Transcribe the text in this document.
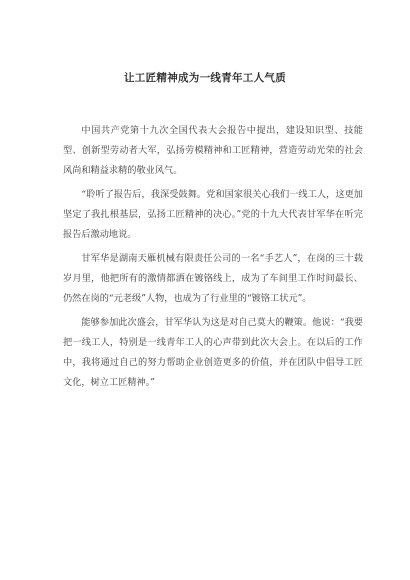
让工匠精神成为一线青年工人气质

中国共产党第十九次全国代表大会报告中提出，建设知识型、技能型、创新型劳动者大军，弘扬劳模精神和工匠精神，营造劳动光荣的社会风尚和精益求精的敬业风气。

“聆听了报告后，我深受鼓舞。党和国家很关心我们一线工人，这更加坚定了我扎根基层，弘扬工匠精神的决心。”党的十九大代表甘军华在听完报告后激动地说。

甘军华是湖南天雁机械有限责任公司的一名“手艺人”，在岗的三十载岁月里，他把所有的激情都洒在镀铬线上，成为了车间里工作时间最长、仍然在岗的“元老级”人物，也成为了行业里的“镀铬工状元”。

能够参加此次盛会，甘军华认为这是对自己莫大的鞭策。他说：“我要把一线工人，特别是一线青年工人的心声带到此次大会上。在以后的工作中，我将通过自己的努力帮助企业创造更多的价值，并在团队中倡导工匠文化，树立工匠精神。”
